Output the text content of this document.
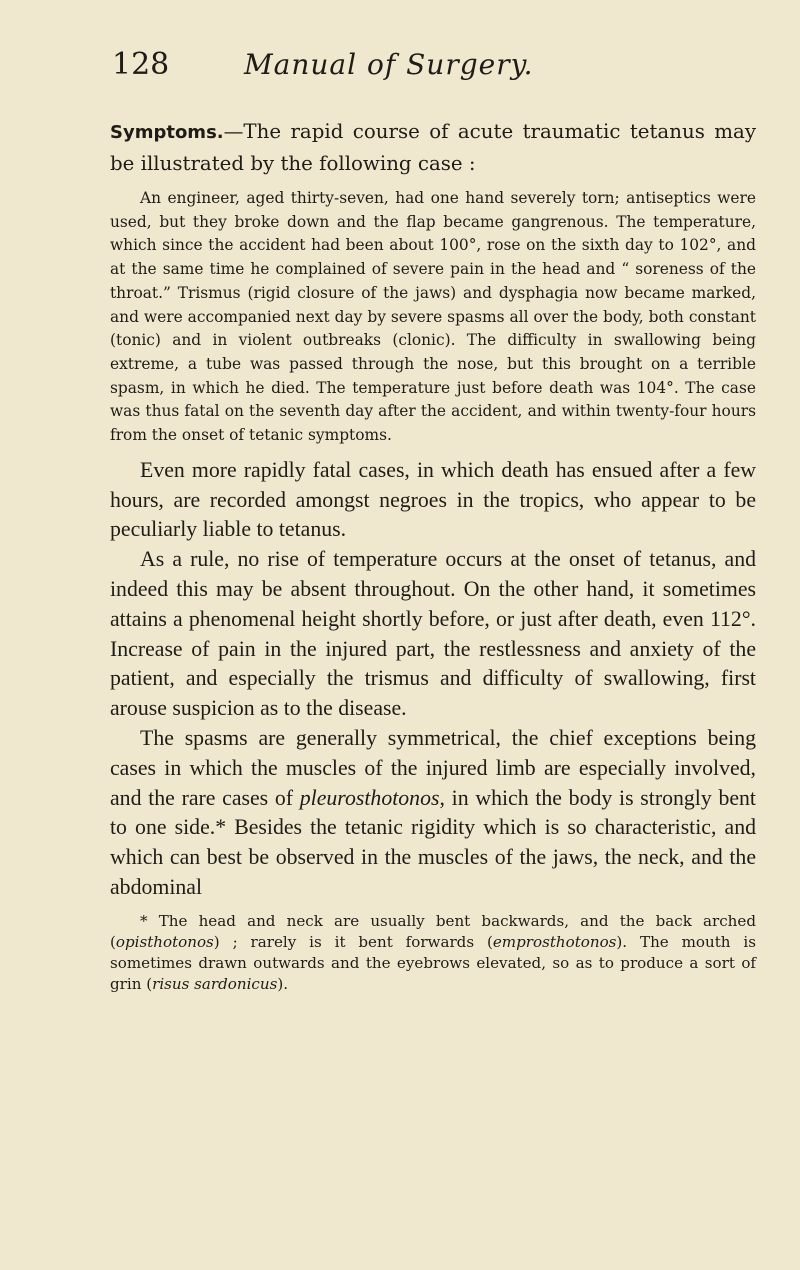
128	Manual of Surgery.

Symptoms.—The rapid course of acute traumatic tetanus may be illustrated by the following case :

An engineer, aged thirty-seven, had one hand severely torn; antiseptics were used, but they broke down and the flap became gangrenous. The temperature, which since the accident had been about 100°, rose on the sixth day to 102°, and at the same time he complained of severe pain in the head and “ soreness of the throat.” Trismus (rigid closure of the jaws) and dysphagia now became marked, and were accompanied next day by severe spasms all over the body, both constant (tonic) and in violent outbreaks (clonic). The difficulty in swallowing being extreme, a tube was passed through the nose, but this brought on a terrible spasm, in which he died. The temperature just before death was 104°. The case was thus fatal on the seventh day after the accident, and within twenty-four hours from the onset of tetanic symptoms.

Even more rapidly fatal cases, in which death has ensued after a few hours, are recorded amongst negroes in the tropics, who appear to be peculiarly liable to tetanus.

As a rule, no rise of temperature occurs at the onset of tetanus, and indeed this may be absent throughout. On the other hand, it sometimes attains a phenomenal height shortly before, or just after death, even 112°. Increase of pain in the injured part, the restlessness and anxiety of the patient, and especially the trismus and difficulty of swallowing, first arouse suspicion as to the disease.

The spasms are generally symmetrical, the chief exceptions being cases in which the muscles of the injured limb are especially involved, and the rare cases of pleurosthotonos, in which the body is strongly bent to one side.* Besides the tetanic rigidity which is so characteristic, and which can best be observed in the muscles of the jaws, the neck, and the abdominal

* The head and neck are usually bent backwards, and the back arched (opisthotonos) ; rarely is it bent forwards (emprosthotonos). The mouth is sometimes drawn outwards and the eyebrows elevated, so as to produce a sort of grin (risus sardonicus).
